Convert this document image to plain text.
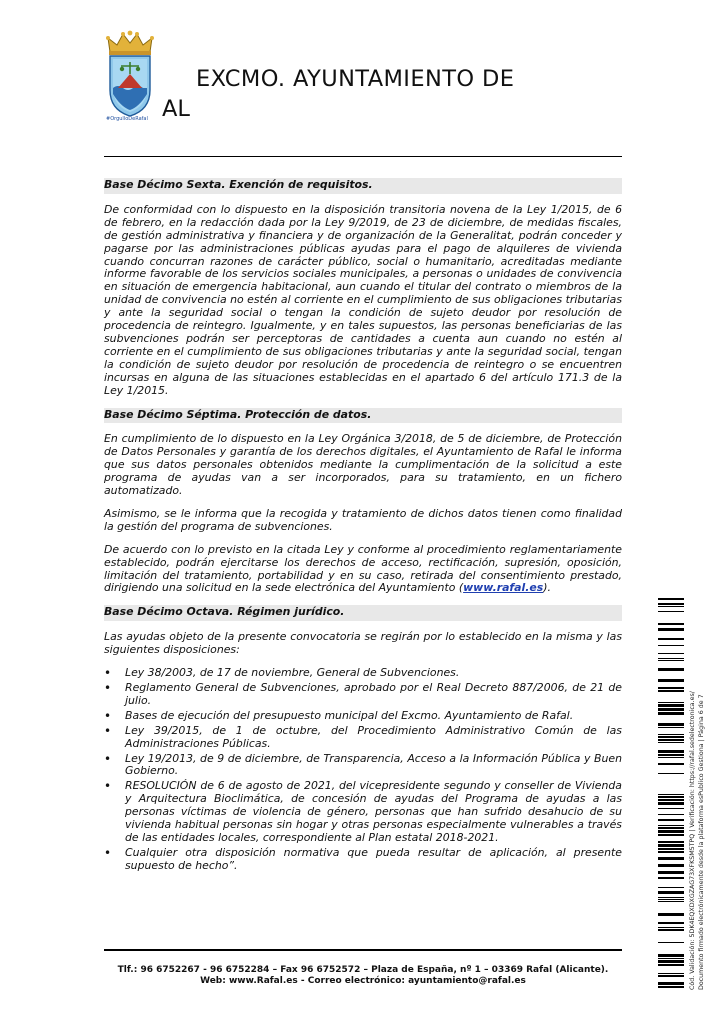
#OrgulloDeRafal
EXCMO. AYUNTAMIENTO DE
AL
Base Décimo Sexta. Exención de requisitos.

De conformidad con lo dispuesto en la disposición transitoria novena de la Ley 1/2015, de 6 de febrero, en la redacción dada por la Ley 9/2019, de 23 de diciembre, de medidas fiscales, de gestión administrativa y financiera y de organización de la Generalitat, podrán conceder y pagarse por las administraciones públicas ayudas para el pago de alquileres de vivienda cuando concurran razones de carácter público, social o humanitario, acreditadas mediante informe favorable de los servicios sociales municipales, a personas o unidades de convivencia en situación de emergencia habitacional, aun cuando el titular del contrato o miembros de la unidad de convivencia no estén al corriente en el cumplimiento de sus obligaciones tributarias y ante la seguridad social o tengan la condición de sujeto deudor por resolución de procedencia de reintegro. Igualmente, y en tales supuestos, las personas beneficiarias de las subvenciones podrán ser perceptoras de cantidades a cuenta aun cuando no estén al corriente en el cumplimiento de sus obligaciones tributarias y ante la seguridad social, tengan la condición de sujeto deudor por resolución de procedencia de reintegro o se encuentren incursas en alguna de las situaciones establecidas en el apartado 6 del artículo 171.3 de la Ley 1/2015.

Base Décimo Séptima. Protección de datos.

En cumplimiento de lo dispuesto en la Ley Orgánica 3/2018, de 5 de diciembre, de Protección de Datos Personales y garantía de los derechos digitales, el Ayuntamiento de Rafal le informa que sus datos personales obtenidos mediante la cumplimentación de la solicitud a este programa de ayudas van a ser incorporados, para su tratamiento, en un fichero automatizado.

Asimismo, se le informa que la recogida y tratamiento de dichos datos tienen como finalidad la gestión del programa de subvenciones.

De acuerdo con lo previsto en la citada Ley y conforme al procedimiento reglamentariamente establecido, podrán ejercitarse los derechos de acceso, rectificación, supresión, oposición, limitación del tratamiento, portabilidad y en su caso, retirada del consentimiento prestado, dirigiendo una solicitud en la sede electrónica del Ayuntamiento (www.rafal.es).

Base Décimo Octava. Régimen jurídico.

Las ayudas objeto de la presente convocatoria se regirán por lo establecido en la misma y las siguientes disposiciones:

• Ley 38/2003, de 17 de noviembre, General de Subvenciones.
• Reglamento General de Subvenciones, aprobado por el Real Decreto 887/2006, de 21 de julio.
• Bases de ejecución del presupuesto municipal del Excmo. Ayuntamiento de Rafal.
• Ley 39/2015, de 1 de octubre, del Procedimiento Administrativo Común de las Administraciones Públicas.
• Ley 19/2013, de 9 de diciembre, de Transparencia, Acceso a la Información Pública y Buen Gobierno.
• RESOLUCIÓN de 6 de agosto de 2021, del vicepresidente segundo y conseller de Vivienda y Arquitectura Bioclimática, de concesión de ayudas del Programa de ayudas a las personas víctimas de violencia de género, personas que han sufrido desahucio de su vivienda habitual personas sin hogar y otras personas especialmente vulnerables a través de las entidades locales, correspondiente al Plan estatal 2018-2021.
• Cualquier otra disposición normativa que pueda resultar de aplicación, al presente supuesto de hecho”.
Tlf.: 96 6752267 - 96 6752284 – Fax 96 6752572 – Plaza de España, nº 1 – 03369 Rafal (Alicante).
Web: www.Rafal.es - Correo electrónico: ayuntamiento@rafal.es	Cód. Validación: 5DK4EQXDXGZAG73XFKSM5TPQ | Verificación: https://rafal.sedelectronica.es/ Documento firmado electrónicamente desde la plataforma esPublico Gestiona | Página 6 de 7
